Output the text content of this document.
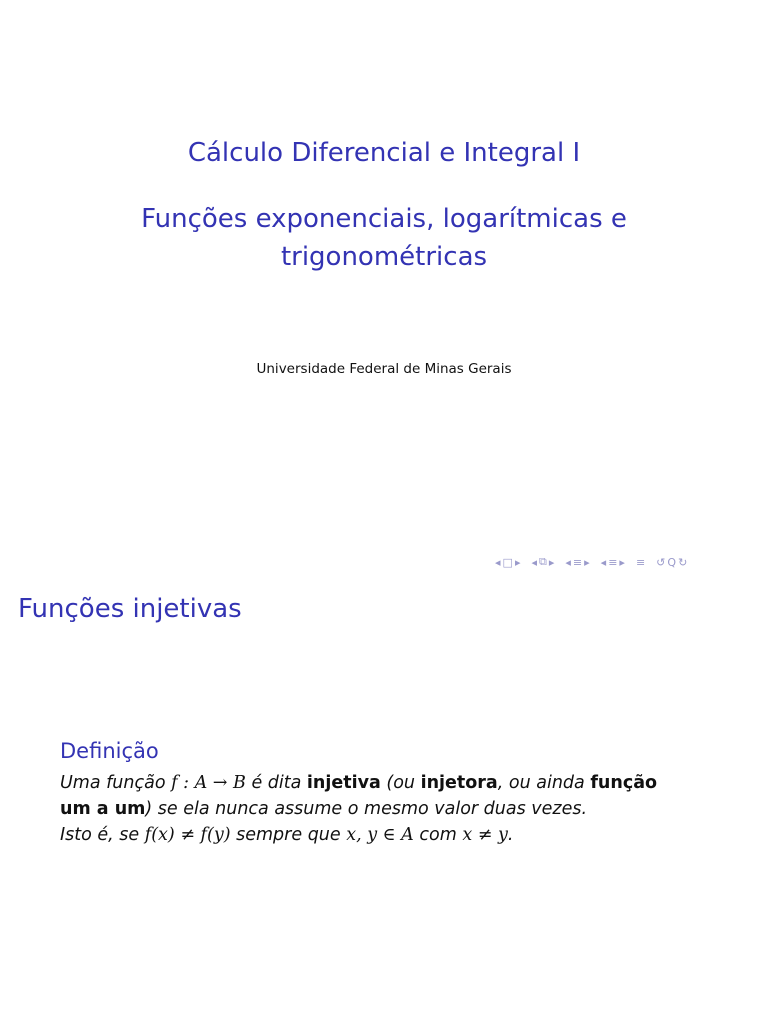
Cálculo Diferencial e Integral I
Funções exponenciais, logarítmicas e
trigonométricas
Universidade Federal de Minas Gerais
◂ □ ▸ ◂ ⧉ ▸ ◂ ≡ ▸ ◂ ≡ ▸ ≡ ↺ Q ↻
Funções injetivas
Definição
Uma função f : A → B é dita injetiva (ou injetora, ou ainda função
um a um) se ela nunca assume o mesmo valor duas vezes.
Isto é, se f(x) ≠ f(y) sempre que x, y ∈ A com x ≠ y.
